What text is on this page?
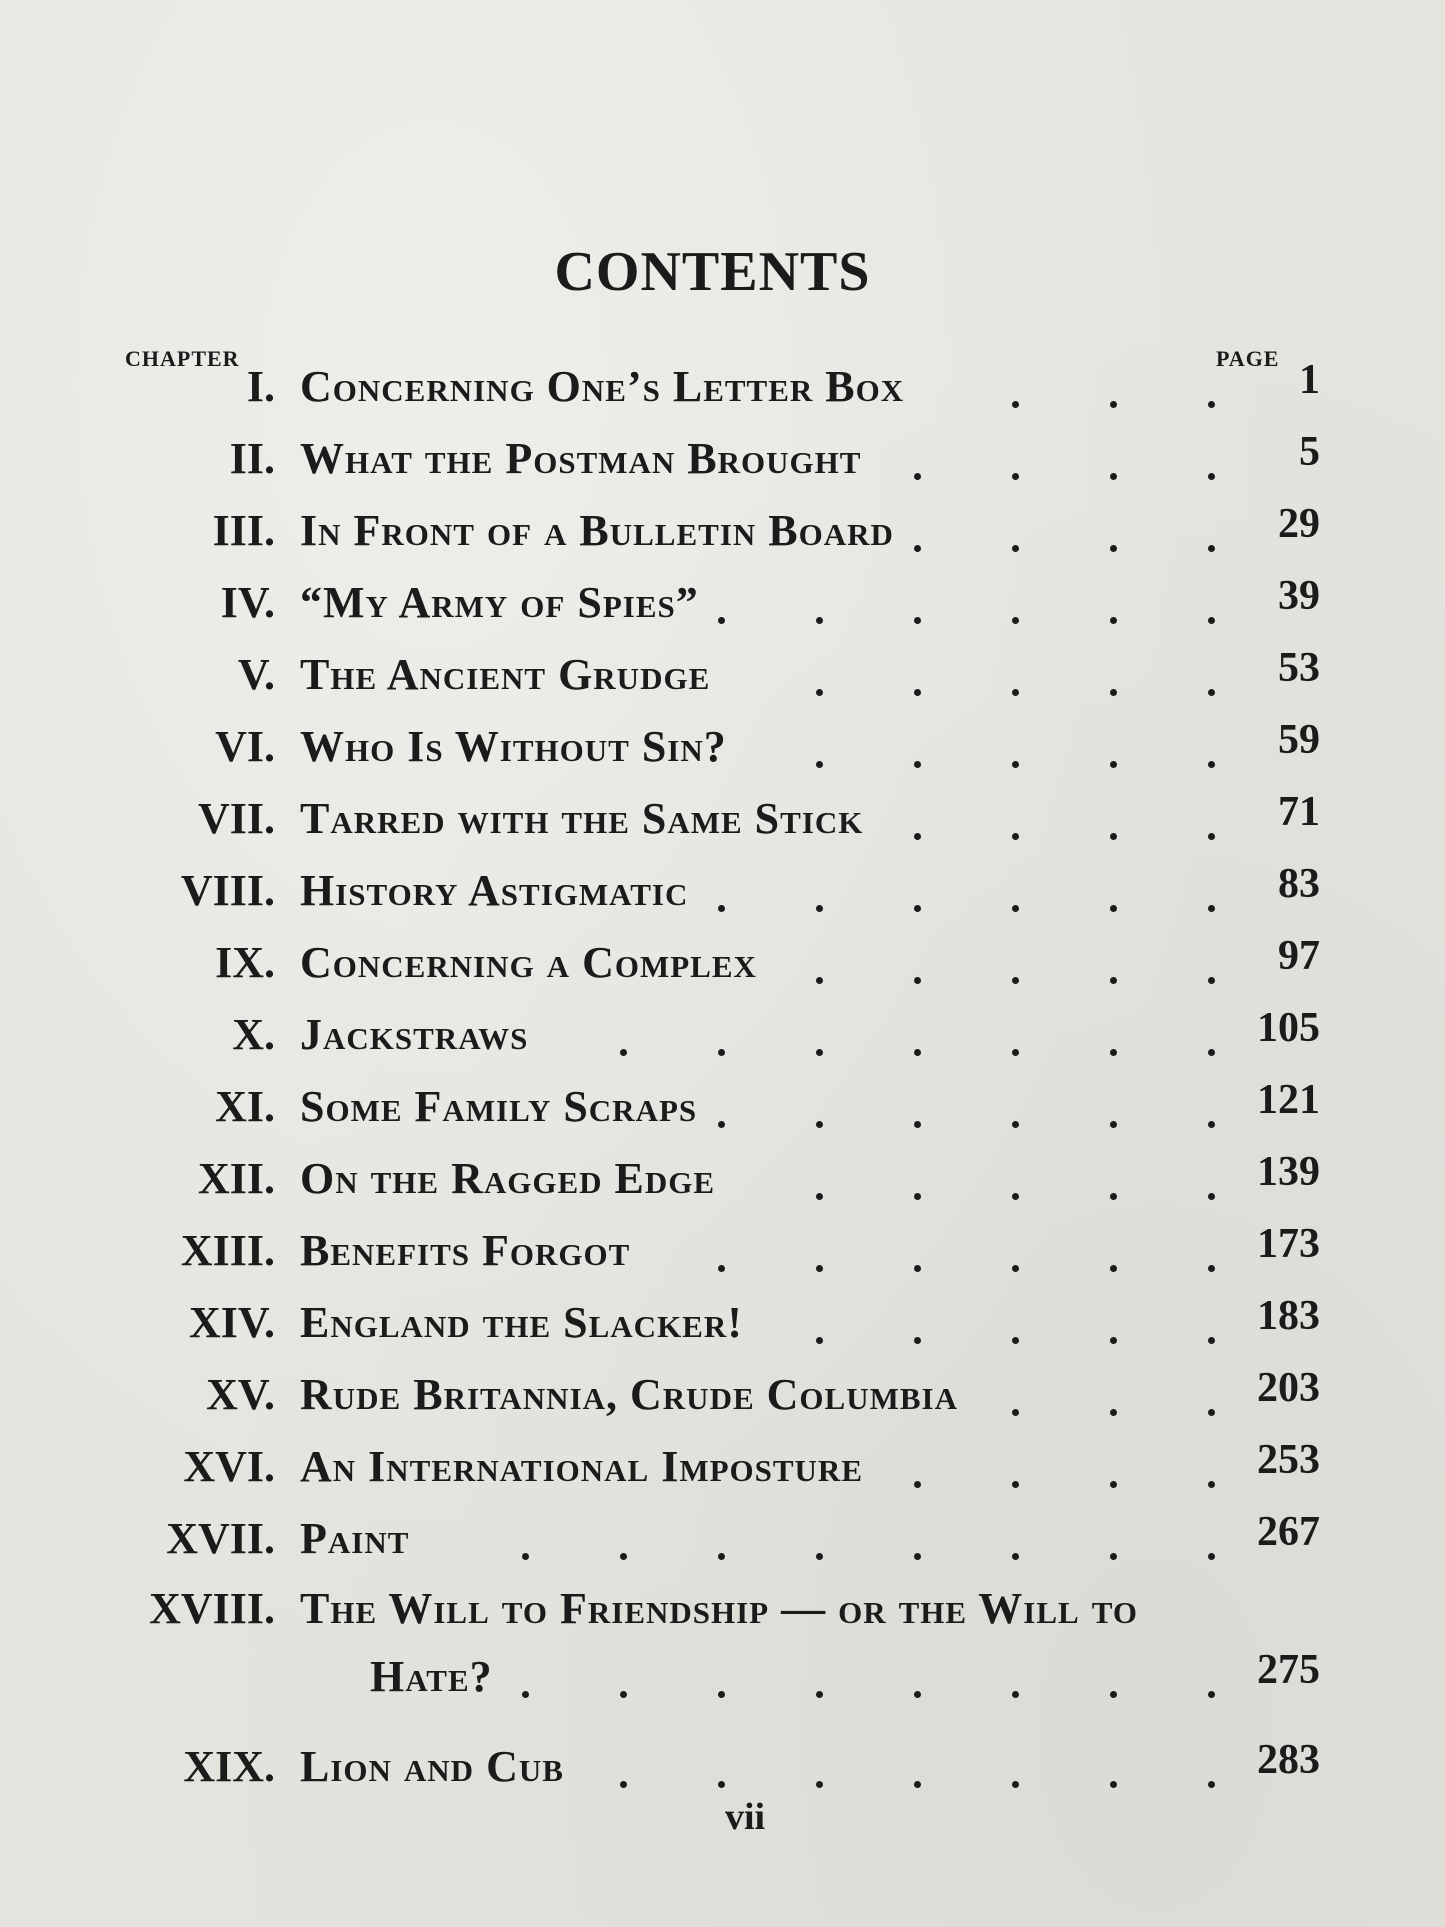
CONTENTS
CHAPTER	PAGE
I. Concerning One’s Letter Box	1
II. What the Postman Brought	5
III. In Front of a Bulletin Board	29
IV. “My Army of Spies”	39
V. The Ancient Grudge	53
VI. Who Is Without Sin?	59
VII. Tarred with the Same Stick	71
VIII. History Astigmatic	83
IX. Concerning a Complex	97
X. Jackstraws	105
XI. Some Family Scraps	121
XII. On the Ragged Edge	139
XIII. Benefits Forgot	173
XIV. England the Slacker!	183
XV. Rude Britannia, Crude Columbia	203
XVI. An International Imposture	253
XVII. Paint	267
XVIII. The Will to Friendship — or the Will to
Hate?	275
XIX. Lion and Cub	283
vii
